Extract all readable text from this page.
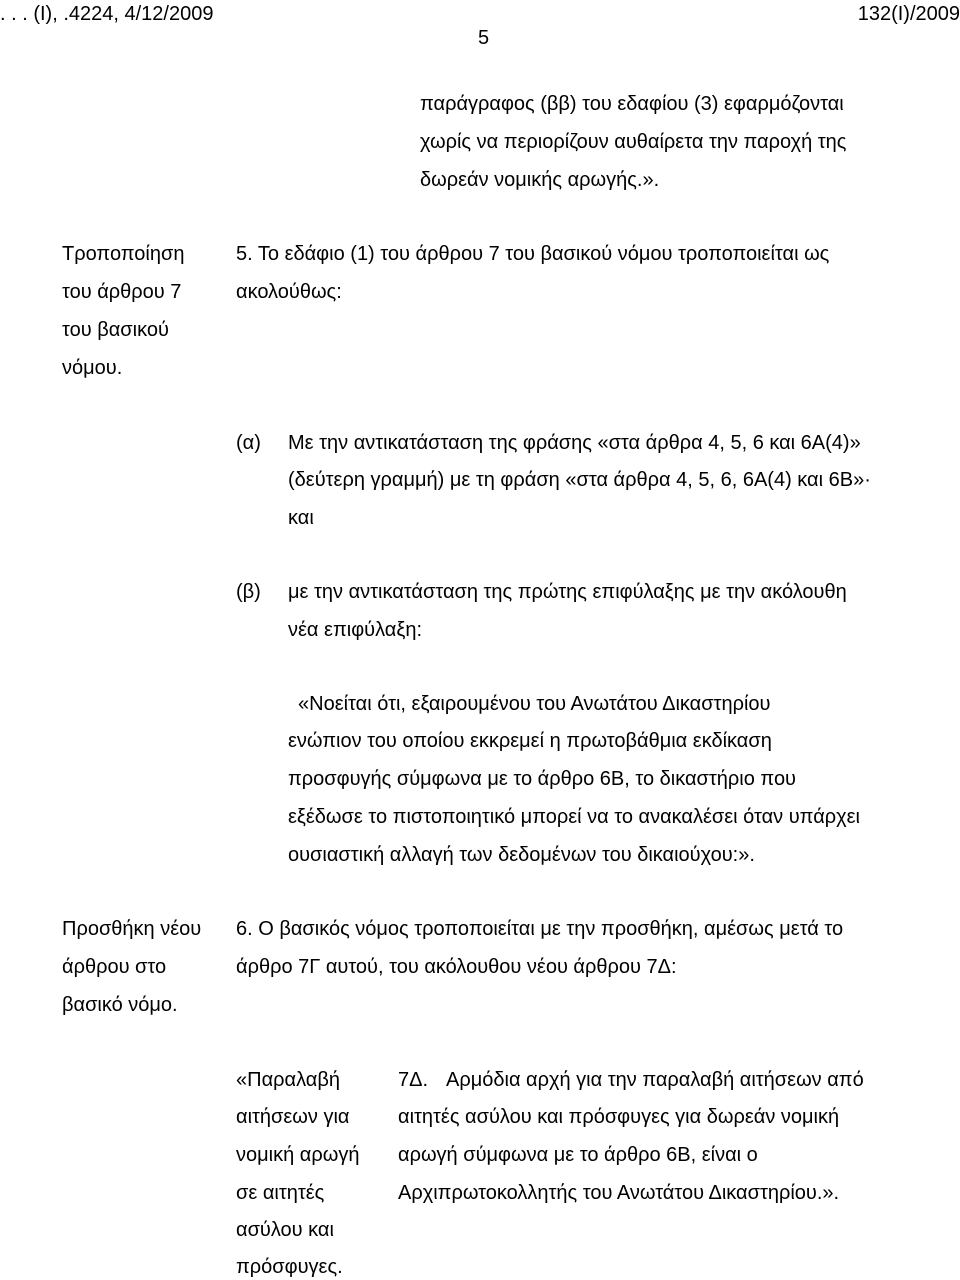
. . . (Ι), .4224, 4/12/2009	132(I)/2009
5
παράγραφος (ββ) του εδαφίου (3) εφαρμόζονται
χωρίς να περιορίζουν αυθαίρετα την παροχή της
δωρεάν νομικής αρωγής.».
Τροποποίηση
του άρθρου 7
του βασικού
νόμου.
5. Το εδάφιο (1) του άρθρου 7 του βασικού νόμου τροποποιείται ως
ακολούθως:
(α) Με την αντικατάσταση της φράσης «στα άρθρα 4, 5, 6 και 6Α(4)»
(δεύτερη γραμμή) με τη φράση «στα άρθρα 4, 5, 6, 6Α(4) και 6Β»·
και
(β) με την αντικατάσταση της πρώτης επιφύλαξης με την ακόλουθη
νέα επιφύλαξη:
«Νοείται ότι, εξαιρουμένου του Ανωτάτου Δικαστηρίου
ενώπιον του οποίου εκκρεμεί η πρωτοβάθμια εκδίκαση
προσφυγής σύμφωνα με το άρθρο 6Β, το δικαστήριο που
εξέδωσε το πιστοποιητικό μπορεί να το ανακαλέσει όταν υπάρχει
ουσιαστική αλλαγή των δεδομένων του δικαιούχου:».
Προσθήκη νέου
άρθρου στο
βασικό νόμο.
6. Ο βασικός νόμος τροποποιείται με την προσθήκη, αμέσως μετά το
άρθρο 7Γ αυτού, του ακόλουθου νέου άρθρου 7Δ:
«Παραλαβή
αιτήσεων για
νομική αρωγή
σε αιτητές
ασύλου και
πρόσφυγες.
7Δ. Αρμόδια αρχή για την παραλαβή αιτήσεων από
αιτητές ασύλου και πρόσφυγες για δωρεάν νομική
αρωγή σύμφωνα με το άρθρο 6Β, είναι ο
Αρχιπρωτοκολλητής του Ανωτάτου Δικαστηρίου.».
